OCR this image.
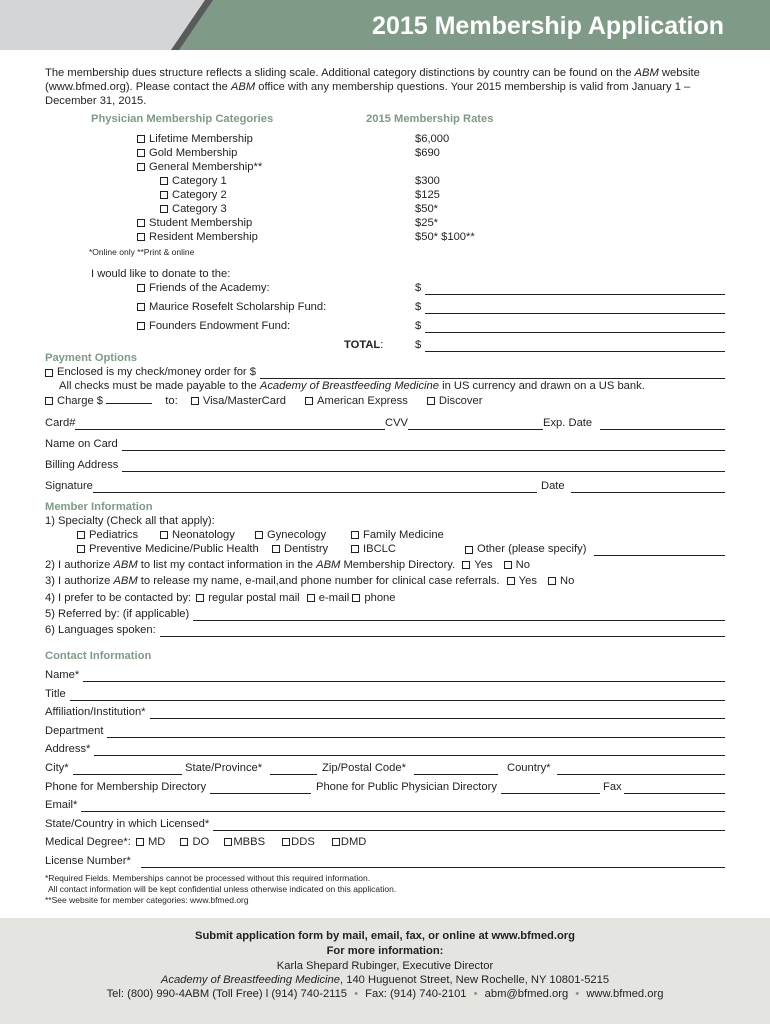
2015 Membership Application
The membership dues structure reflects a sliding scale. Additional category distinctions by country can be found on the ABM website (www.bfmed.org). Please contact the ABM office with any membership questions. Your 2015 membership is valid from January 1 – December 31, 2015.
Physician Membership Categories	2015 Membership Rates
Lifetime Membership	$6,000
Gold Membership	$690
General Membership**
Category 1	$300
Category 2	$125
Category 3	$50*
Student Membership	$25*
Resident Membership	$50* $100**
*Online only **Print & online
I would like to donate to the:
Friends of the Academy:	$
Maurice Rosefelt Scholarship Fund:	$
Founders Endowment Fund:	$
TOTAL:	$
Payment Options
Enclosed is my check/money order for $
All checks must be made payable to the Academy of Breastfeeding Medicine in US currency and drawn on a US bank.
Charge $	to: Visa/MasterCard	American Express	Discover
Card#	CVV	Exp. Date
Name on Card
Billing Address
Signature	Date
Member Information
1) Specialty (Check all that apply):
Pediatrics	Neonatology	Gynecology	Family Medicine
Preventive Medicine/Public Health	Dentistry	IBCLC	Other (please specify)
2) I authorize ABM to list my contact information in the ABM Membership Directory. Yes No
3) I authorize ABM to release my name, e-mail,and phone number for clinical case referrals. Yes No
4) I prefer to be contacted by: regular postal mail e-mail phone
5) Referred by: (if applicable)
6) Languages spoken:
Contact Information
Name*
Title
Affiliation/Institution*
Department
Address*
City*	State/Province*	Zip/Postal Code*	Country*
Phone for Membership Directory	Phone for Public Physician Directory	Fax
Email*
State/Country in which Licensed*
Medical Degree*: MD DO MBBS DDS DMD
License Number*
*Required Fields. Memberships cannot be processed without this required information.
All contact information will be kept confidential unless otherwise indicated on this application.
**See website for member categories: www.bfmed.org
Submit application form by mail, email, fax, or online at www.bfmed.org
For more information:
Karla Shepard Rubinger, Executive Director
Academy of Breastfeeding Medicine, 140 Huguenot Street, New Rochelle, NY 10801-5215
Tel: (800) 990-4ABM (Toll Free) l (914) 740-2115 • Fax: (914) 740-2101 • abm@bfmed.org • www.bfmed.org
